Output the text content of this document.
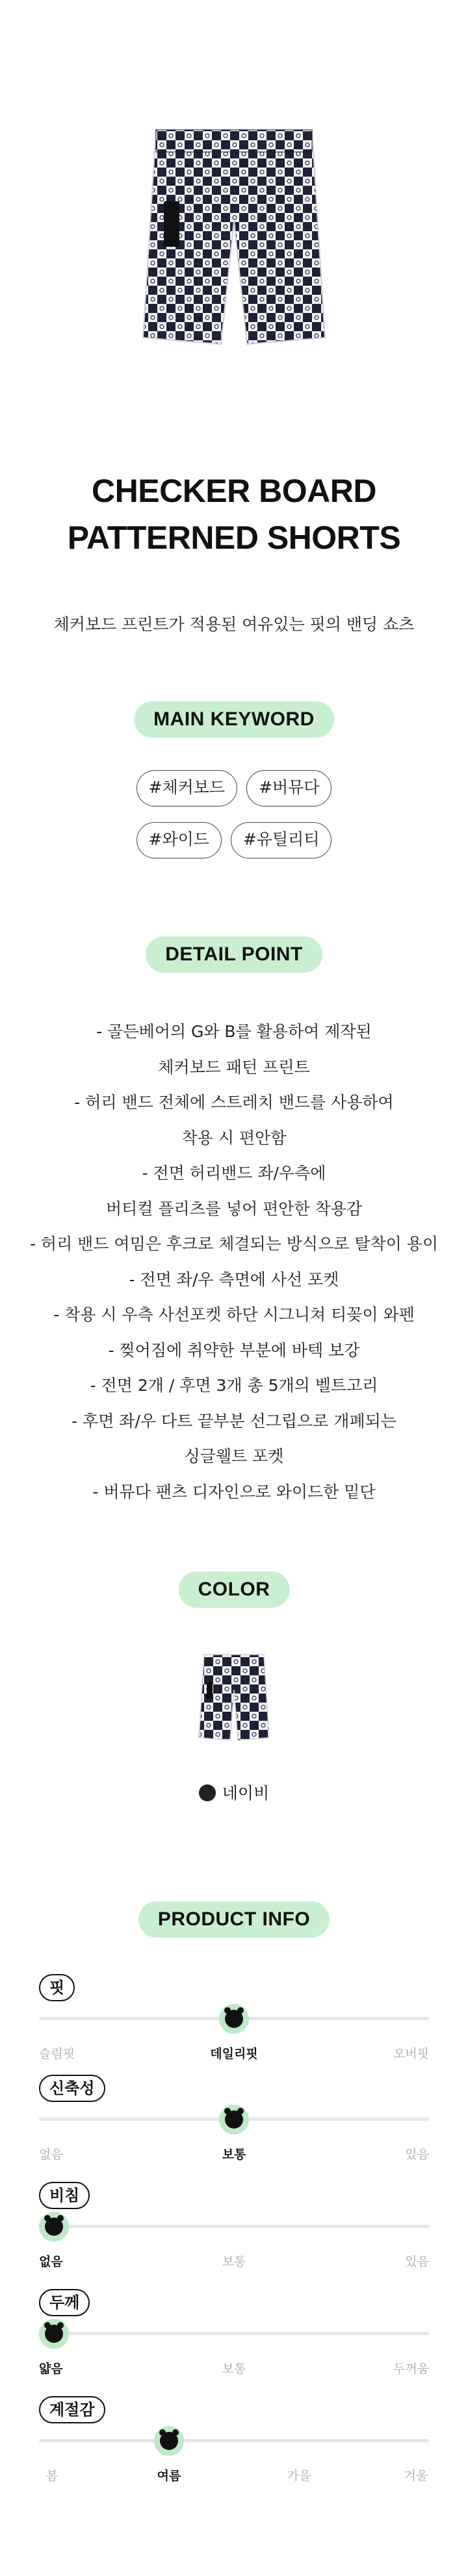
CHECKER BOARD
PATTERNED SHORTS

체커보드 프린트가 적용된 여유있는 핏의 밴딩 쇼츠

MAIN KEYWORD
#체커보드	#버뮤다
#와이드	#유틸리티
DETAIL POINT

- 골든베어의 G와 B를 활용하여 제작된

체커보드 패턴 프린트

- 허리 밴드 전체에 스트레치 밴드를 사용하여

착용 시 편안함

- 전면 허리밴드 좌/우측에

버티컬 플리츠를 넣어 편안한 착용감

- 허리 밴드 여밈은 후크로 체결되는 방식으로 탈착이 용이

- 전면 좌/우 측면에 사선 포켓

- 착용 시 우측 사선포켓 하단 시그니쳐 티꽂이 와펜

- 찢어짐에 취약한 부분에 바텍 보강

- 전면 2개 / 후면 3개 총 5개의 벨트고리

- 후면 좌/우 다트 끝부분 선그립으로 개폐되는

싱글웰트 포켓

- 버뮤다 팬츠 디자인으로 와이드한 밑단

COLOR
네이비
PRODUCT INFO
핏
슬림핏	데일리핏	오버핏
신축성
없음	보통	있음
비침
없음	보통	있음
두께
얇음	보통	두꺼움
계절감
봄	여름	가을	겨울
